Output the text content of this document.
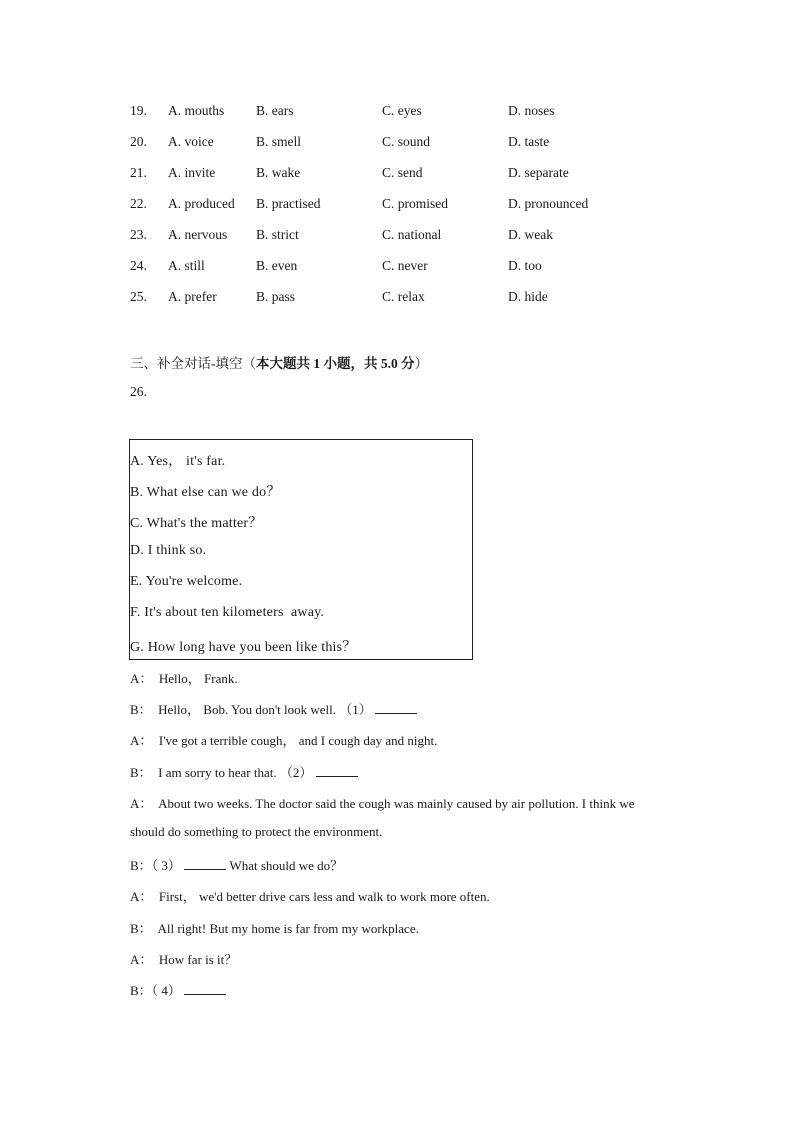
19. A. mouths B. ears	C. eyes	D. noses
20. A. voice	B. smell	C. sound	D. taste
21. A. invite	B. wake	C. send	D. separate
22. A. produced B. practised	C. promised	D. pronounced
23. A. nervous B. strict	C. national	D. weak
24. A. still	B. even	C. never	D. too
25. A. prefer	B. pass	C. relax	D. hide
三、补全对话-填空（本大题共 1 小题，共 5.0 分）
26.
A. Yes， it's far.
B. What else can we do？
C. What's the matter？
D. I think so.
E. You're welcome.
F. It's about ten kilometers  away.
G. How long have you been like this？
A：  Hello， Frank.
B：  Hello， Bob. You don't look well. （1）
A：  I've got a terrible cough， and I cough day and night.
B：  I am sorry to hear that. （2）
A：  About two weeks. The doctor said the cough was mainly caused by air pollution. I think we
should do something to protect the environment.
B：（ 3）	What should we do？
A：  First， we'd better drive cars less and walk to work more often.
B：  All right! But my home is far from my workplace.
A：  How far is it？
B：（ 4）
